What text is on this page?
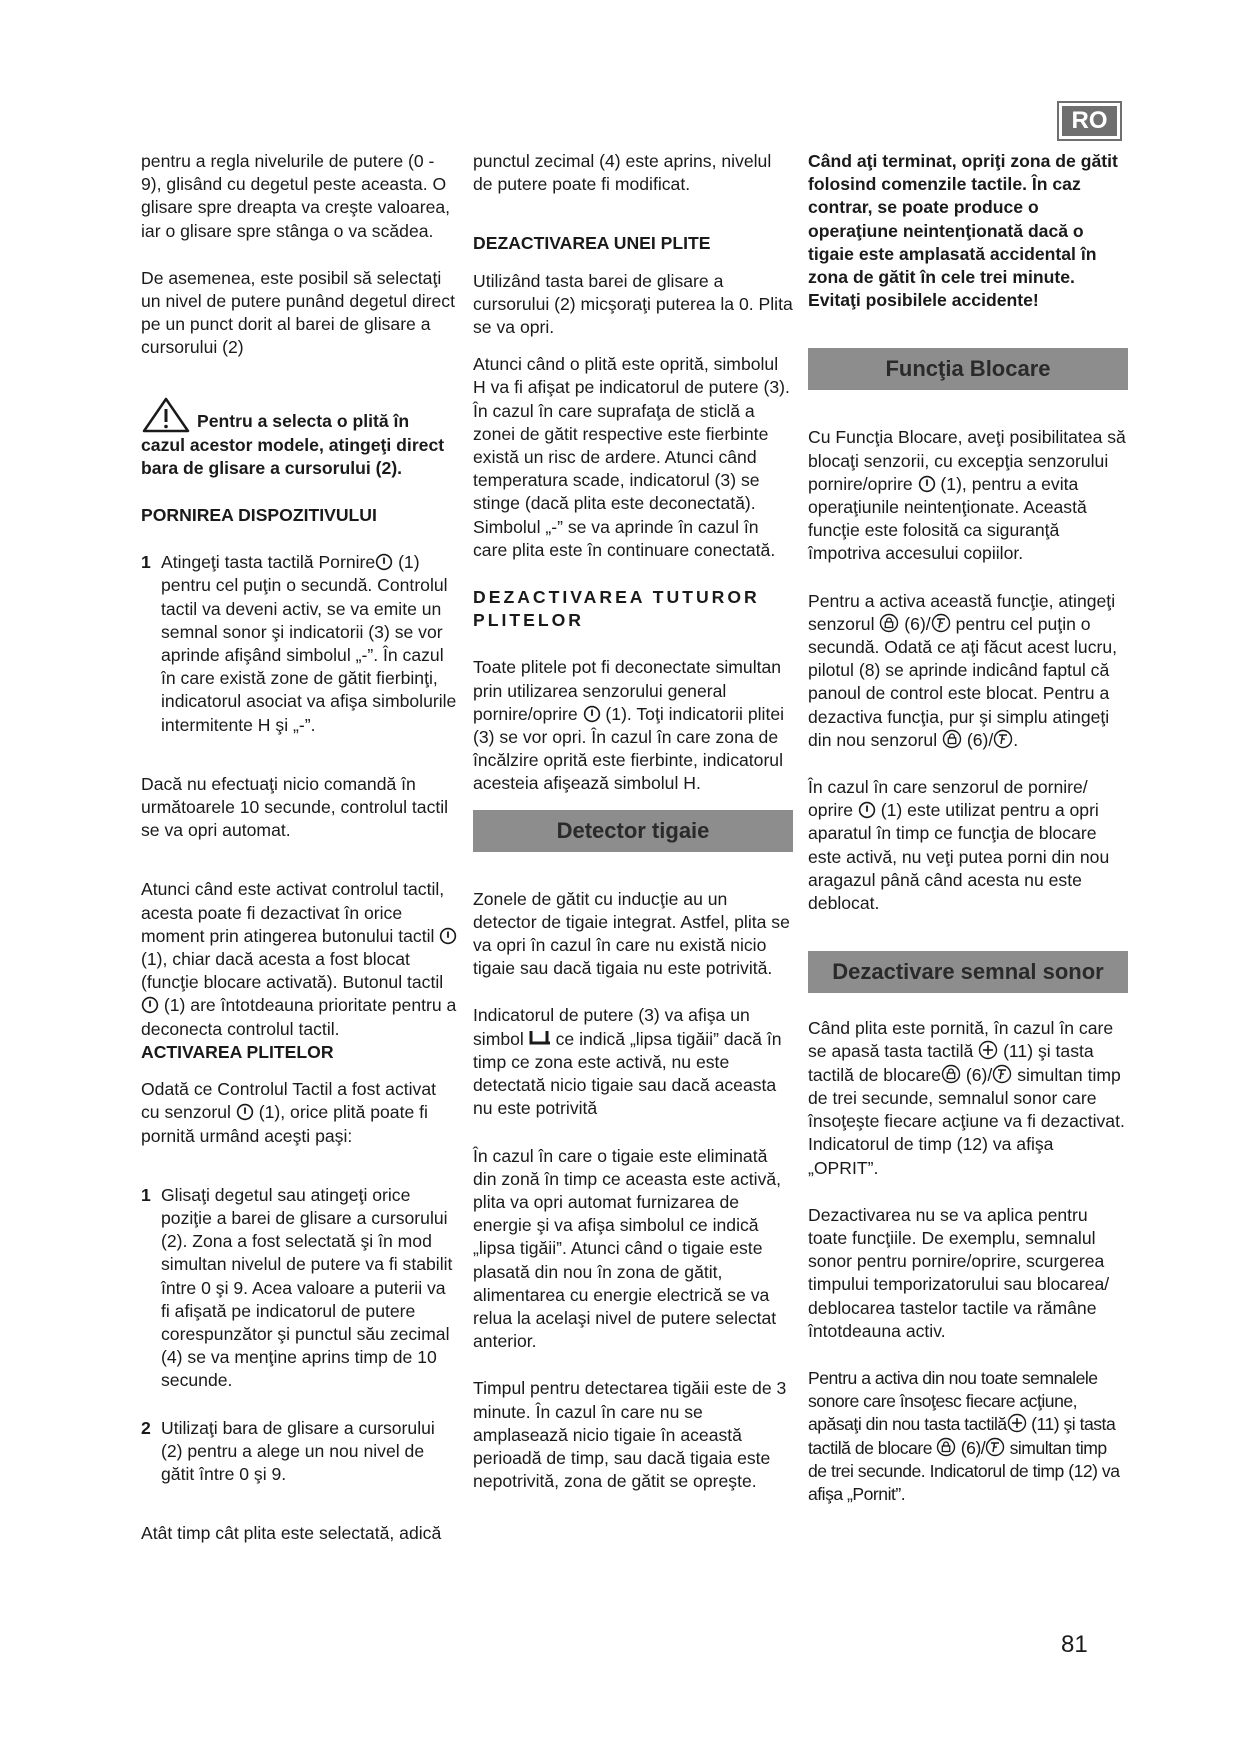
RO

pentru a regla nivelurile de putere (0 - 9), glisând cu degetul peste aceasta. O glisare spre dreapta va creşte valoarea, iar o glisare spre stânga o va scădea.

De asemenea, este posibil să selectaţi un nivel de putere punând degetul direct pe un punct dorit al barei de glisare a cursorului (2)

Pentru a selecta o plită în

cazul acestor modele, atingeţi direct bara de glisare a cursorului (2).

PORNIREA DISPOZITIVULUI

1 Atingeţi tasta tactilă Pornire (1) pentru cel puţin o secundă. Controlul tactil va deveni activ, se va emite un semnal sonor şi indicatorii (3) se vor aprinde afişând simbolul „-”. În cazul în care există zone de gătit fierbinţi, indicatorul asociat va afişa simbolurile intermitente H şi „-”.

Dacă nu efectuaţi nicio comandă în următoarele 10 secunde, controlul tactil se va opri automat.

Atunci când este activat controlul tactil, acesta poate fi dezactivat în orice moment prin atingerea butonului tactil  (1), chiar dacă acesta a fost blocat (funcţie blocare activată). Butonul tactil  (1) are întotdeauna prioritate pentru a deconecta controlul tactil.

ACTIVAREA PLITELOR

Odată ce Controlul Tactil a fost activat cu senzorul (1), orice plită poate fi pornită urmând aceşti paşi:

1 Glisaţi degetul sau atingeţi orice poziţie a barei de glisare a cursorului (2). Zona a fost selectată şi în mod simultan nivelul de putere va fi stabilit între 0 şi 9. Acea valoare a puterii va fi afişată pe indicatorul de putere corespunzător şi punctul său zecimal (4) se va menţine aprins timp de 10 secunde.

2 Utilizaţi bara de glisare a cursorului (2) pentru a alege un nou nivel de gătit între 0 şi 9.

Atât timp cât plita este selectată, adică

punctul zecimal (4) este aprins, nivelul de putere poate fi modificat.

DEZACTIVAREA UNEI PLITE

Utilizând tasta barei de glisare a cursorului (2) micşoraţi puterea la 0. Plita se va opri.

Atunci când o plită este oprită, simbolul H va fi afişat pe indicatorul de putere (3). În cazul în care suprafaţa de sticlă a zonei de gătit respective este fierbinte există un risc de ardere. Atunci când temperatura scade, indicatorul (3) se stinge (dacă plita este deconectată). Simbolul „-” se va aprinde în cazul în care plita este în continuare conectată.

DEZACTIVAREA TUTUROR PLITELOR

Toate plitele pot fi deconectate simultan prin utilizarea senzorului general pornire/oprire (1). Toţi indicatorii plitei (3) se vor opri. În cazul în care zona de încălzire oprită este fierbinte, indicatorul acesteia afişează simbolul H.

Detector tigaie

Zonele de gătit cu inducţie au un detector de tigaie integrat. Astfel, plita se va opri în cazul în care nu există nicio tigaie sau dacă tigaia nu este potrivită.

Indicatorul de putere (3) va afişa un simbol ce indică „lipsa tigăii” dacă în timp ce zona este activă, nu este detectată nicio tigaie sau dacă aceasta nu este potrivită

În cazul în care o tigaie este eliminată din zonă în timp ce aceasta este activă, plita va opri automat furnizarea de energie şi va afişa simbolul ce indică „lipsa tigăii”. Atunci când o tigaie este plasată din nou în zona de gătit, alimentarea cu energie electrică se va relua la acelaşi nivel de putere selectat anterior.

Timpul pentru detectarea tigăii este de 3 minute. În cazul în care nu se amplasează nicio tigaie în această perioadă de timp, sau dacă tigaia este nepotrivită, zona de gătit se opreşte.

Când aţi terminat, opriţi zona de gătit folosind comenzile tactile. În caz contrar, se poate produce o operaţiune neintenţionată dacă o tigaie este amplasată accidental în zona de gătit în cele trei minute. Evitaţi posibilele accidente!

Funcţia Blocare

Cu Funcţia Blocare, aveţi posibilitatea să blocaţi senzorii, cu excepţia senzorului pornire/oprire (1), pentru a evita operaţiunile neintenţionate. Această funcţie este folosită ca siguranţă împotriva accesului copiilor.

Pentru a activa această funcţie, atingeţi senzorul (6)/ pentru cel puţin o secundă. Odată ce aţi făcut acest lucru, pilotul (8) se aprinde indicând faptul că panoul de control este blocat. Pentru a dezactiva funcţia, pur şi simplu atingeţi din nou senzorul (6)/ .

În cazul în care senzorul de pornire/ oprire (1) este utilizat pentru a opri aparatul în timp ce funcţia de blocare este activă, nu veţi putea porni din nou aragazul până când acesta nu este deblocat.

Dezactivare semnal sonor

Când plita este pornită, în cazul în care se apasă tasta tactilă (11) şi tasta tactilă de blocare (6)/ simultan timp de trei secunde, semnalul sonor care însoţeşte fiecare acţiune va fi dezactivat. Indicatorul de timp (12) va afişa „OPRIT”.

Dezactivarea nu se va aplica pentru toate funcţiile. De exemplu, semnalul sonor pentru pornire/oprire, scurgerea timpului temporizatorului sau blocarea/ deblocarea tastelor tactile va rămâne întotdeauna activ.

Pentru a activa din nou toate semnalele sonore care însoţesc fiecare acţiune, apăsaţi din nou tasta tactilă (11) şi tasta tactilă de blocare (6)/ simultan timp de trei secunde. Indicatorul de timp (12) va afişa „Pornit”.

81
